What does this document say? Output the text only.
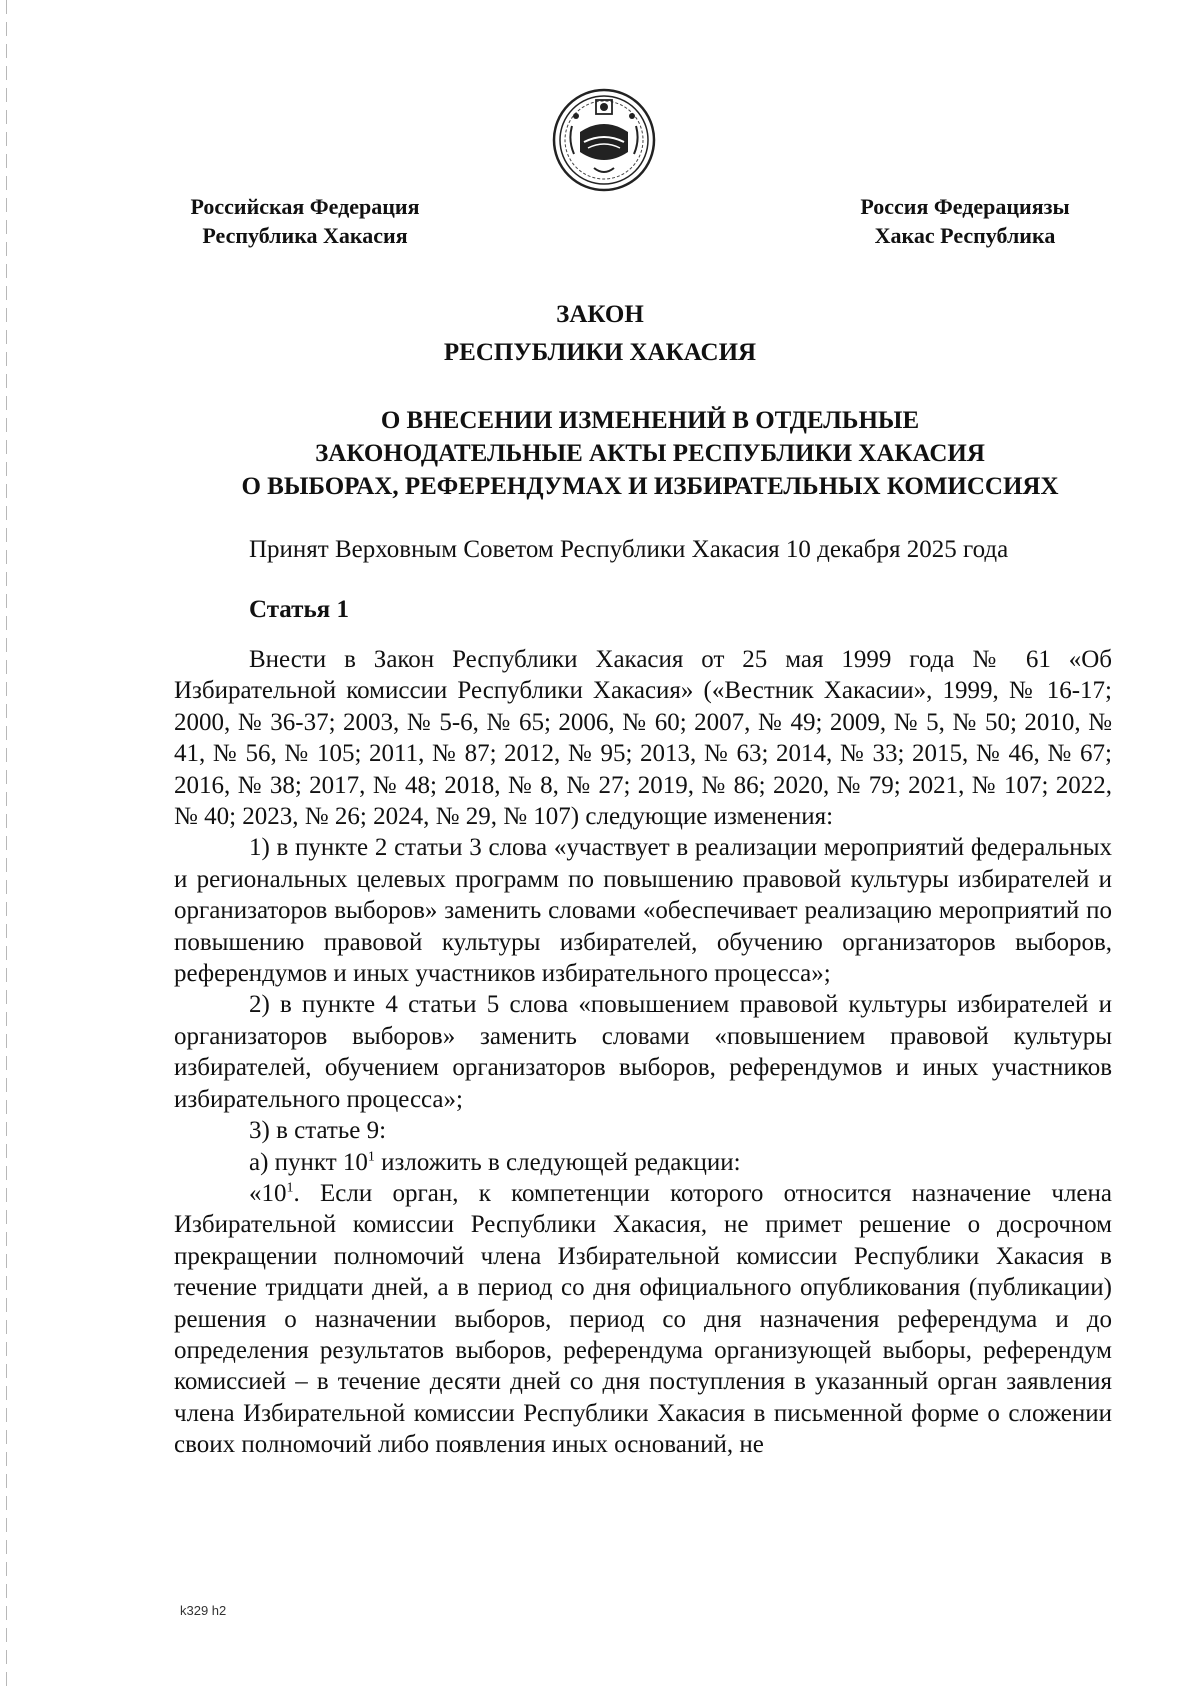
Российская Федерация
Республика Хакасия
Россия Федерациязы
Хакас Республика
ЗАКОН
РЕСПУБЛИКИ ХАКАСИЯ
О ВНЕСЕНИИ ИЗМЕНЕНИЙ В ОТДЕЛЬНЫЕ
ЗАКОНОДАТЕЛЬНЫЕ АКТЫ РЕСПУБЛИКИ ХАКАСИЯ
О ВЫБОРАХ, РЕФЕРЕНДУМАХ И ИЗБИРАТЕЛЬНЫХ КОМИССИЯХ
Принят Верховным Советом Республики Хакасия 10 декабря 2025 года
Статья 1

Внести в Закон Республики Хакасия от 25 мая 1999 года № 61 «Об Избирательной комиссии Республики Хакасия» («Вестник Хакасии», 1999, № 16-17; 2000, № 36-37; 2003, № 5-6, № 65; 2006, № 60; 2007, № 49; 2009, № 5, № 50; 2010, № 41, № 56, № 105; 2011, № 87; 2012, № 95; 2013, № 63; 2014, № 33; 2015, № 46, № 67; 2016, № 38; 2017, № 48; 2018, № 8, № 27; 2019, № 86; 2020, № 79; 2021, № 107; 2022, № 40; 2023, № 26; 2024, № 29, № 107) следующие изменения:

1) в пункте 2 статьи 3 слова «участвует в реализации мероприятий федеральных и региональных целевых программ по повышению правовой культуры избирателей и организаторов выборов» заменить словами «обеспечивает реализацию мероприятий по повышению правовой культуры избирателей, обучению организаторов выборов, референдумов и иных участников избирательного процесса»;

2) в пункте 4 статьи 5 слова «повышением правовой культуры избирателей и организаторов выборов» заменить словами «повышением правовой культуры избирателей, обучением организаторов выборов, референдумов и иных участников избирательного процесса»;

3) в статье 9:

а) пункт $10^1$ изложить в следующей редакции:

«$10^1$. Если орган, к компетенции которого относится назначение члена Избирательной комиссии Республики Хакасия, не примет решение о досрочном прекращении полномочий члена Избирательной комиссии Республики Хакасия в течение тридцати дней, а в период со дня официального опубликования (публикации) решения о назначении выборов, период со дня назначения референдума и до определения результатов выборов, референдума организующей выборы, референдум комиссией – в течение десяти дней со дня поступления в указанный орган заявления члена Избирательной комиссии Республики Хакасия в письменной форме о сложении своих полномочий либо появления иных оснований, не

k329 h2
